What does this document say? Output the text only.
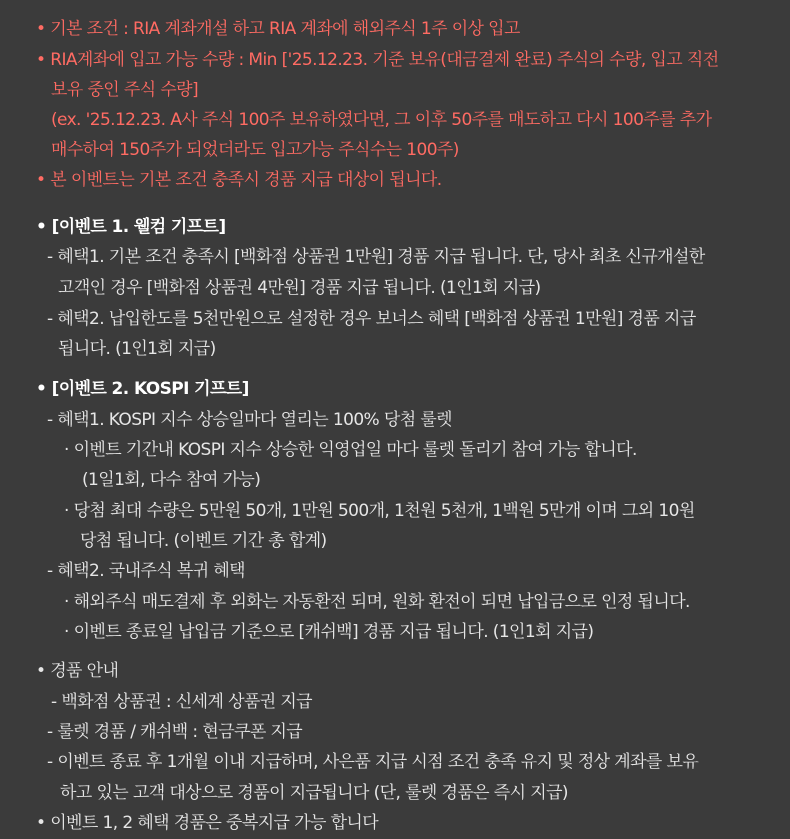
• 기본 조건 : RIA 계좌개설 하고 RIA 계좌에 해외주식 1주 이상 입고
• RIA계좌에 입고 가능 수량 : Min ['25.12.23. 기준 보유(대금결제 완료) 주식의 수량, 입고 직전
보유 중인 주식 수량]
(ex. '25.12.23. A사 주식 100주 보유하였다면, 그 이후 50주를 매도하고 다시 100주를 추가
매수하여 150주가 되었더라도 입고가능 주식수는 100주)
• 본 이벤트는 기본 조건 충족시 경품 지급 대상이 됩니다.
• [이벤트 1. 웰컴 기프트]
- 혜택1. 기본 조건 충족시 [백화점 상품권 1만원] 경품 지급 됩니다. 단, 당사 최초 신규개설한
고객인 경우 [백화점 상품권 4만원] 경품 지급 됩니다. (1인1회 지급)
- 혜택2. 납입한도를 5천만원으로 설정한 경우 보너스 혜택 [백화점 상품권 1만원] 경품 지급
됩니다. (1인1회 지급)
• [이벤트 2. KOSPI 기프트]
- 혜택1. KOSPI 지수 상승일마다 열리는 100% 당첨 룰렛
· 이벤트 기간내 KOSPI 지수 상승한 익영업일 마다 룰렛 돌리기 참여 가능 합니다.
(1일1회, 다수 참여 가능)
· 당첨 최대 수량은 5만원 50개, 1만원 500개, 1천원 5천개, 1백원 5만개 이며 그외 10원
당첨 됩니다. (이벤트 기간 총 합계)
- 혜택2. 국내주식 복귀 혜택
· 해외주식 매도결제 후 외화는 자동환전 되며, 원화 환전이 되면 납입금으로 인정 됩니다.
· 이벤트 종료일 납입금 기준으로 [캐쉬백] 경품 지급 됩니다. (1인1회 지급)
• 경품 안내
- 백화점 상품권 : 신세계 상품권 지급
- 룰렛 경품 / 캐쉬백 : 현금쿠폰 지급
- 이벤트 종료 후 1개월 이내 지급하며, 사은품 지급 시점 조건 충족 유지 및 정상 계좌를 보유
하고 있는 고객 대상으로 경품이 지급됩니다 (단, 룰렛 경품은 즉시 지급)
• 이벤트 1, 2 혜택 경품은 중복지급 가능 합니다
